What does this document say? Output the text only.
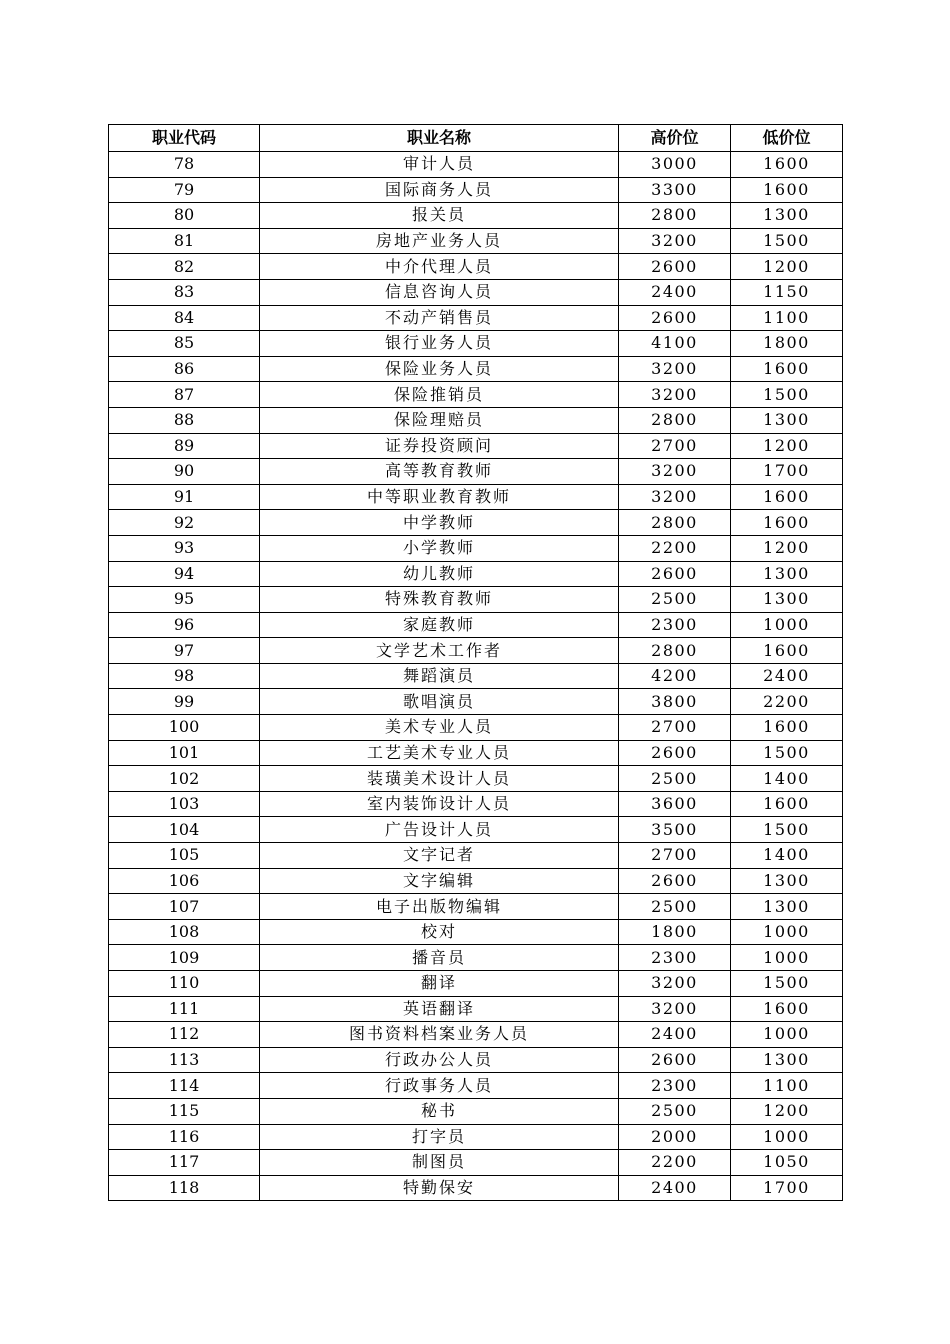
职业代码	职业名称	高价位	低价位
78	审计人员	3000	1600
79	国际商务人员	3300	1600
80	报关员	2800	1300
81	房地产业务人员	3200	1500
82	中介代理人员	2600	1200
83	信息咨询人员	2400	1150
84	不动产销售员	2600	1100
85	银行业务人员	4100	1800
86	保险业务人员	3200	1600
87	保险推销员	3200	1500
88	保险理赔员	2800	1300
89	证券投资顾问	2700	1200
90	高等教育教师	3200	1700
91	中等职业教育教师	3200	1600
92	中学教师	2800	1600
93	小学教师	2200	1200
94	幼儿教师	2600	1300
95	特殊教育教师	2500	1300
96	家庭教师	2300	1000
97	文学艺术工作者	2800	1600
98	舞蹈演员	4200	2400
99	歌唱演员	3800	2200
100	美术专业人员	2700	1600
101	工艺美术专业人员	2600	1500
102	装璜美术设计人员	2500	1400
103	室内装饰设计人员	3600	1600
104	广告设计人员	3500	1500
105	文字记者	2700	1400
106	文字编辑	2600	1300
107	电子出版物编辑	2500	1300
108	校对	1800	1000
109	播音员	2300	1000
110	翻译	3200	1500
111	英语翻译	3200	1600
112	图书资料档案业务人员	2400	1000
113	行政办公人员	2600	1300
114	行政事务人员	2300	1100
115	秘书	2500	1200
116	打字员	2000	1000
117	制图员	2200	1050
118	特勤保安	2400	1700
